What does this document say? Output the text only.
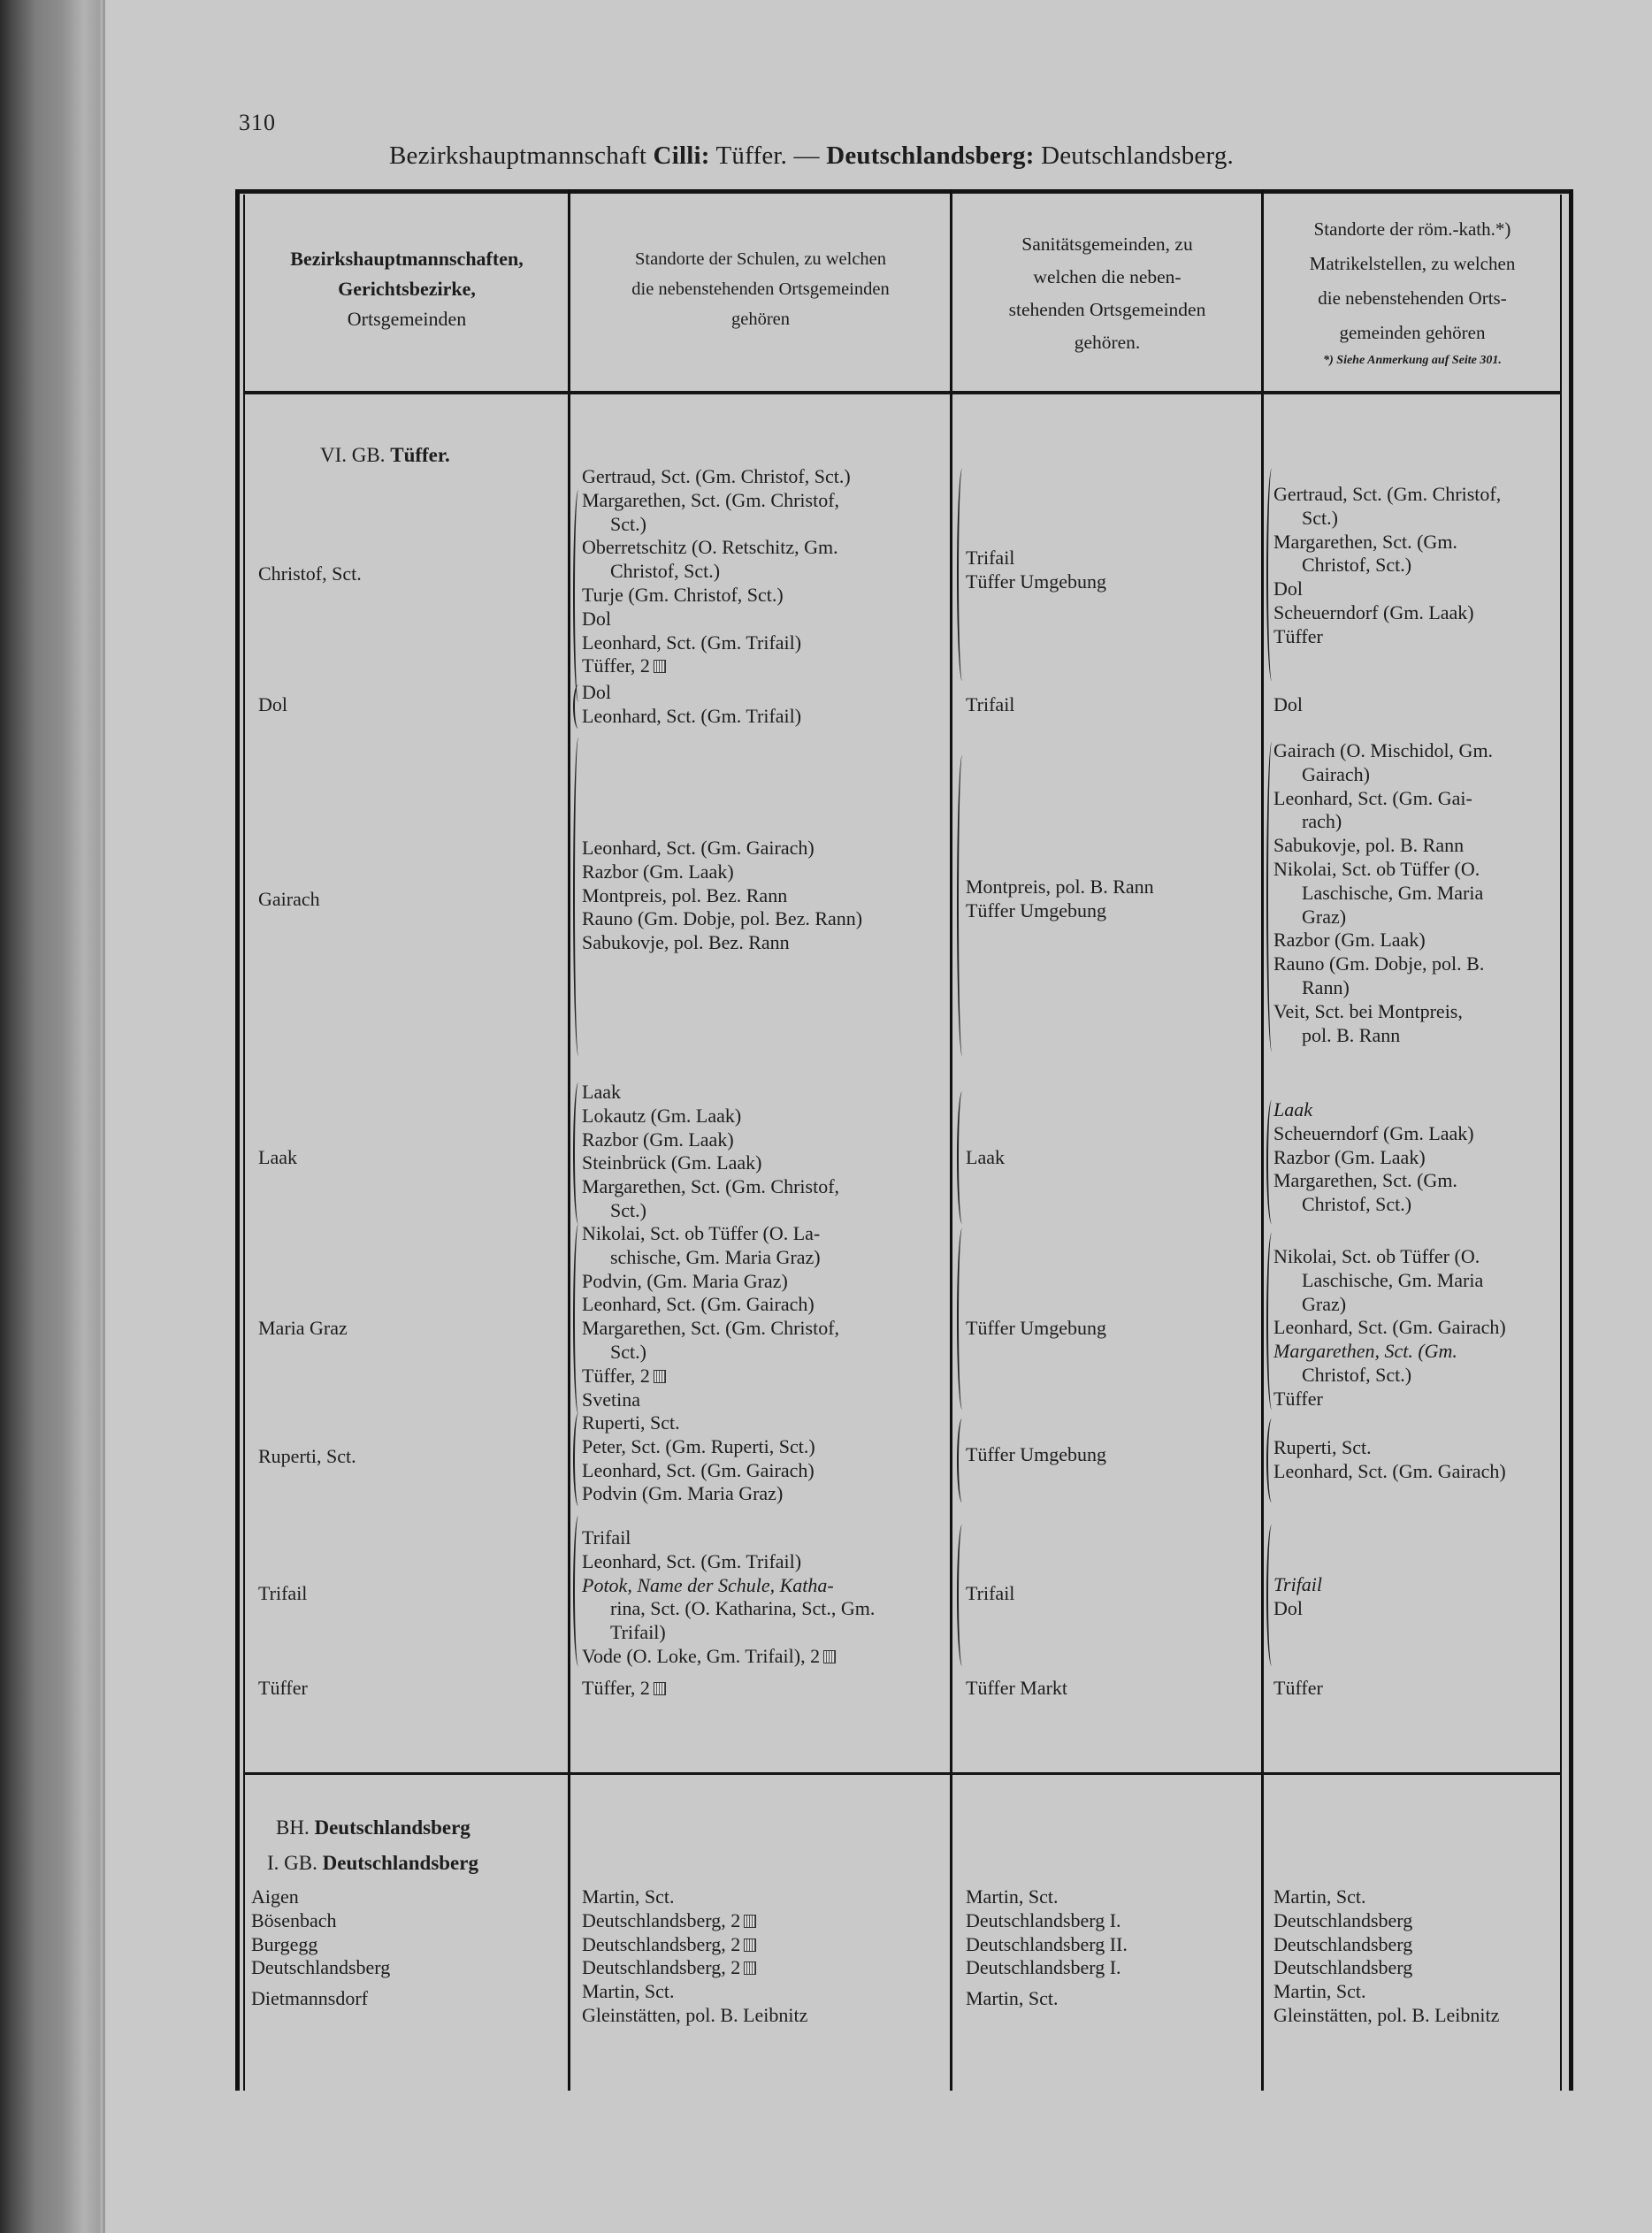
310
Bezirkshauptmannschaft Cilli: Tüffer. — Deutschlandsberg: Deutschlandsberg.
Bezirkshauptmannschaften,
Gerichtsbezirke,
Ortsgemeinden
Standorte der Schulen, zu welchen
die nebenstehenden Ortsgemeinden
gehören
Sanitätsgemeinden, zu
welchen die neben-
stehenden Ortsgemeinden
gehören.
Standorte der röm.-kath.*)
Matrikelstellen, zu welchen
die nebenstehenden Orts-
gemeinden gehören
*) Siehe Anmerkung auf Seite 301.
VI. GB. Tüffer.
Christof, Sct.
Dol
Gairach
Laak
Maria Graz
Ruperti, Sct.
Trifail
Tüffer
Gertraud, Sct. (Gm. Christof, Sct.)
Margarethen, Sct. (Gm. Christof,
Sct.)
Oberretschitz (O. Retschitz, Gm.
Christof, Sct.)
Turje (Gm. Christof, Sct.)
Dol
Leonhard, Sct. (Gm. Trifail)
Tüffer, 2
Dol
Leonhard, Sct. (Gm. Trifail)
Leonhard, Sct. (Gm. Gairach)
Razbor (Gm. Laak)
Montpreis, pol. Bez. Rann
Rauno (Gm. Dobje, pol. Bez. Rann)
Sabukovje, pol. Bez. Rann
Laak
Lokautz (Gm. Laak)
Razbor (Gm. Laak)
Steinbrück (Gm. Laak)
Margarethen, Sct. (Gm. Christof,
Sct.)
Nikolai, Sct. ob Tüffer (O. La-
schische, Gm. Maria Graz)
Podvin, (Gm. Maria Graz)
Leonhard, Sct. (Gm. Gairach)
Margarethen, Sct. (Gm. Christof,
Sct.)
Tüffer, 2
Svetina
Ruperti, Sct.
Peter, Sct. (Gm. Ruperti, Sct.)
Leonhard, Sct. (Gm. Gairach)
Podvin (Gm. Maria Graz)
Trifail
Leonhard, Sct. (Gm. Trifail)
Potok, Name der Schule, Katha-
rina, Sct. (O. Katharina, Sct., Gm.
Trifail)
Vode (O. Loke, Gm. Trifail), 2
Tüffer, 2
Trifail
Tüffer Umgebung
Trifail
Montpreis, pol. B. Rann
Tüffer Umgebung
Laak
Tüffer Umgebung
Tüffer Umgebung
Trifail
Tüffer Markt
Gertraud, Sct. (Gm. Christof,
Sct.)
Margarethen, Sct. (Gm.
Christof, Sct.)
Dol
Scheuerndorf (Gm. Laak)
Tüffer
Dol
Gairach (O. Mischidol, Gm.
Gairach)
Leonhard, Sct. (Gm. Gai-
rach)
Sabukovje, pol. B. Rann
Nikolai, Sct. ob Tüffer (O.
Laschische, Gm. Maria
Graz)
Razbor (Gm. Laak)
Rauno (Gm. Dobje, pol. B.
Rann)
Veit, Sct. bei Montpreis,
pol. B. Rann
Laak
Scheuerndorf (Gm. Laak)
Razbor (Gm. Laak)
Margarethen, Sct. (Gm.
Christof, Sct.)
Nikolai, Sct. ob Tüffer (O.
Laschische, Gm. Maria
Graz)
Leonhard, Sct. (Gm. Gairach)
Margarethen, Sct. (Gm.
Christof, Sct.)
Tüffer
Ruperti, Sct.
Leonhard, Sct. (Gm. Gairach)
Trifail
Dol
Tüffer
BH. Deutschlandsberg
I. GB. Deutschlandsberg
Aigen
Bösenbach
Burgegg
Deutschlandsberg
Dietmannsdorf
Martin, Sct.
Deutschlandsberg, 2
Deutschlandsberg, 2
Deutschlandsberg, 2
Martin, Sct.
Gleinstätten, pol. B. Leibnitz
Martin, Sct.
Deutschlandsberg I.
Deutschlandsberg II.
Deutschlandsberg I.
Martin, Sct.
Martin, Sct.
Deutschlandsberg
Deutschlandsberg
Deutschlandsberg
Martin, Sct.
Gleinstätten, pol. B. Leibnitz
